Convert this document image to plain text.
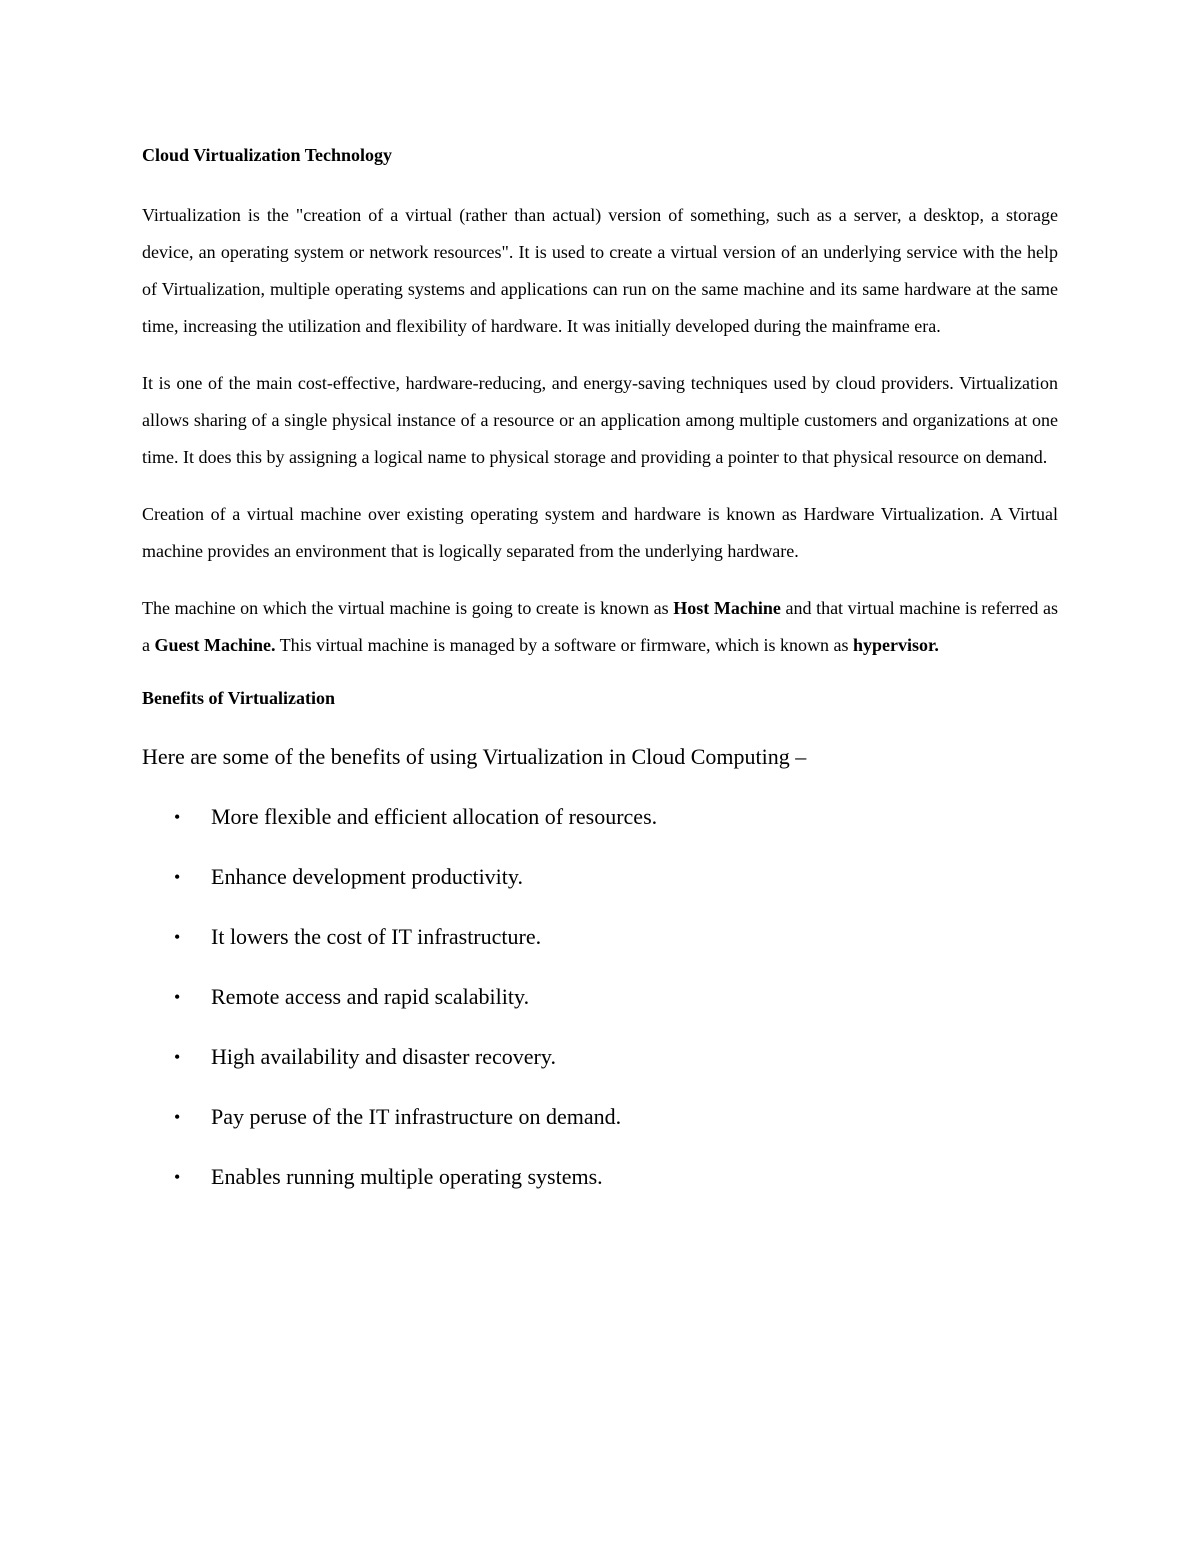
Cloud Virtualization Technology

Virtualization is the "creation of a virtual (rather than actual) version of something, such as a server, a desktop, a storage device, an operating system or network resources". It is used to create a virtual version of an underlying service with the help of Virtualization, multiple operating systems and applications can run on the same machine and its same hardware at the same time, increasing the utilization and flexibility of hardware. It was initially developed during the mainframe era.

It is one of the main cost-effective, hardware-reducing, and energy-saving techniques used by cloud providers. Virtualization allows sharing of a single physical instance of a resource or an application among multiple customers and organizations at one time. It does this by assigning a logical name to physical storage and providing a pointer to that physical resource on demand.

Creation of a virtual machine over existing operating system and hardware is known as Hardware Virtualization. A Virtual machine provides an environment that is logically separated from the underlying hardware.

The machine on which the virtual machine is going to create is known as Host Machine and that virtual machine is referred as a Guest Machine. This virtual machine is managed by a software or firmware, which is known as hypervisor.

Benefits of Virtualization
Here are some of the benefits of using Virtualization in Cloud Computing –
• More flexible and efficient allocation of resources.
• Enhance development productivity.
• It lowers the cost of IT infrastructure.
• Remote access and rapid scalability.
• High availability and disaster recovery.
• Pay peruse of the IT infrastructure on demand.
• Enables running multiple operating systems.
